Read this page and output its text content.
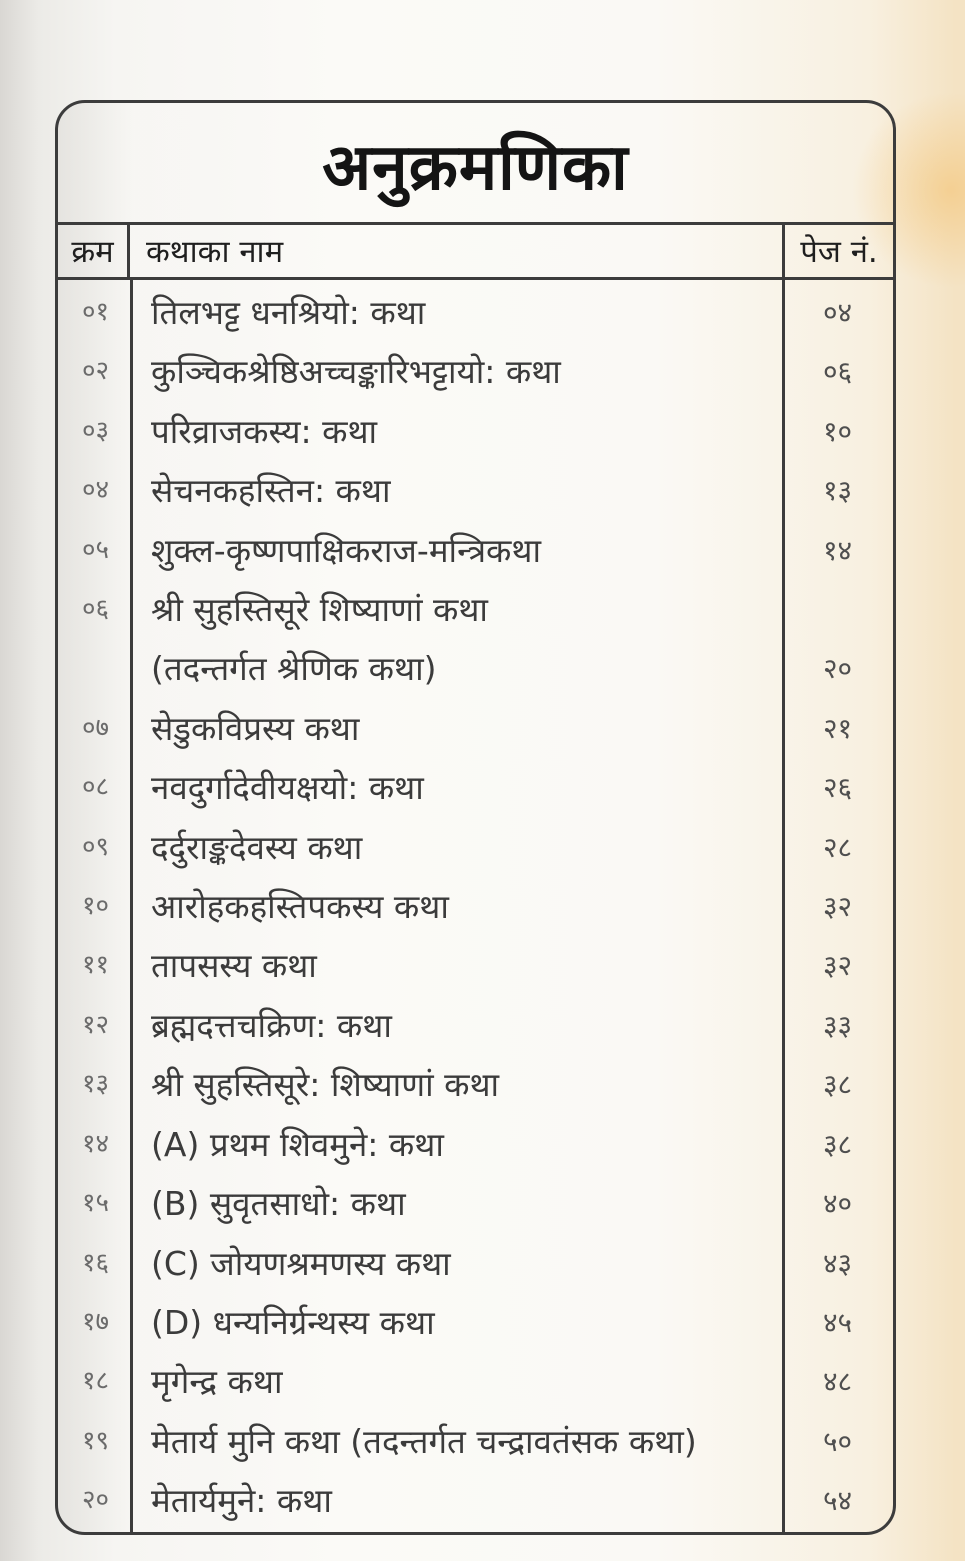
अनुक्रमणिका
क्रम	कथाका नाम	पेज नं.
०१	तिलभट्ट धनश्रियो: कथा	०४
०२	कुञ्चिकश्रेष्ठिअच्चङ्कारिभट्टायो: कथा	०६
०३	परिव्राजकस्य: कथा	१०
०४	सेचनकहस्तिन: कथा	१३
०५	शुक्ल-कृष्णपाक्षिकराज-मन्त्रिकथा	१४
०६	श्री सुहस्तिसूरे शिष्याणां कथा
(तदन्तर्गत श्रेणिक कथा)	२०
०७	सेडुकविप्रस्य कथा	२१
०८	नवदुर्गादेवीयक्षयो: कथा	२६
०९	दर्दुराङ्कदेवस्य कथा	२८
१०	आरोहकहस्तिपकस्य कथा	३२
११	तापसस्य कथा	३२
१२	ब्रह्मदत्तचक्रिण: कथा	३३
१३	श्री सुहस्तिसूरे: शिष्याणां कथा	३८
१४	(A) प्रथम शिवमुने: कथा	३८
१५	(B) सुवृतसाधो: कथा	४०
१६	(C) जोयणश्रमणस्य कथा	४३
१७	(D) धन्यनिर्ग्रन्थस्य कथा	४५
१८	मृगेन्द्र कथा	४८
१९	मेतार्य मुनि कथा (तदन्तर्गत चन्द्रावतंसक कथा)	५०
२०	मेतार्यमुने: कथा	५४
